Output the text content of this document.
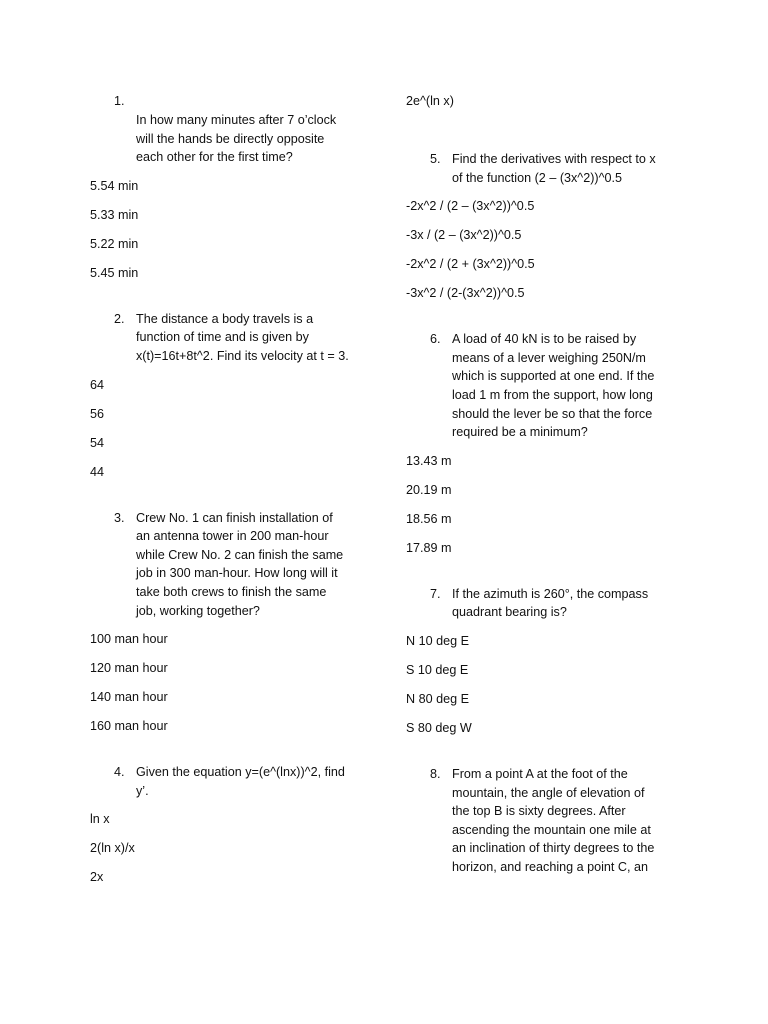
1.
In how many minutes after 7 o’clock
will the hands be directly opposite
each other for the first time?
5.54 min
5.33 min
5.22 min
5.45 min
2. The distance a body travels is a
function of time and is given by
x(t)=16t+8t^2. Find its velocity at t = 3.
64
56
54
44
3. Crew No. 1 can finish installation of
an antenna tower in 200 man-hour
while Crew No. 2 can finish the same
job in 300 man-hour. How long will it
take both crews to finish the same
job, working together?
100 man hour
120 man hour
140 man hour
160 man hour
4. Given the equation y=(e^(lnx))^2, find
y’.
ln x
2(ln x)/x
2x
2e^(ln x)
5. Find the derivatives with respect to x
of the function (2 – (3x^2))^0.5
-2x^2 / (2 – (3x^2))^0.5
-3x / (2 – (3x^2))^0.5
-2x^2 / (2 + (3x^2))^0.5
-3x^2 / (2-(3x^2))^0.5
6. A load of 40 kN is to be raised by
means of a lever weighing 250N/m
which is supported at one end. If the
load 1 m from the support, how long
should the lever be so that the force
required be a minimum?
13.43 m
20.19 m
18.56 m
17.89 m
7. If the azimuth is 260°, the compass
quadrant bearing is?
N 10 deg E
S 10 deg E
N 80 deg E
S 80 deg W
8. From a point A at the foot of the
mountain, the angle of elevation of
the top B is sixty degrees. After
ascending the mountain one mile at
an inclination of thirty degrees to the
horizon, and reaching a point C, an
